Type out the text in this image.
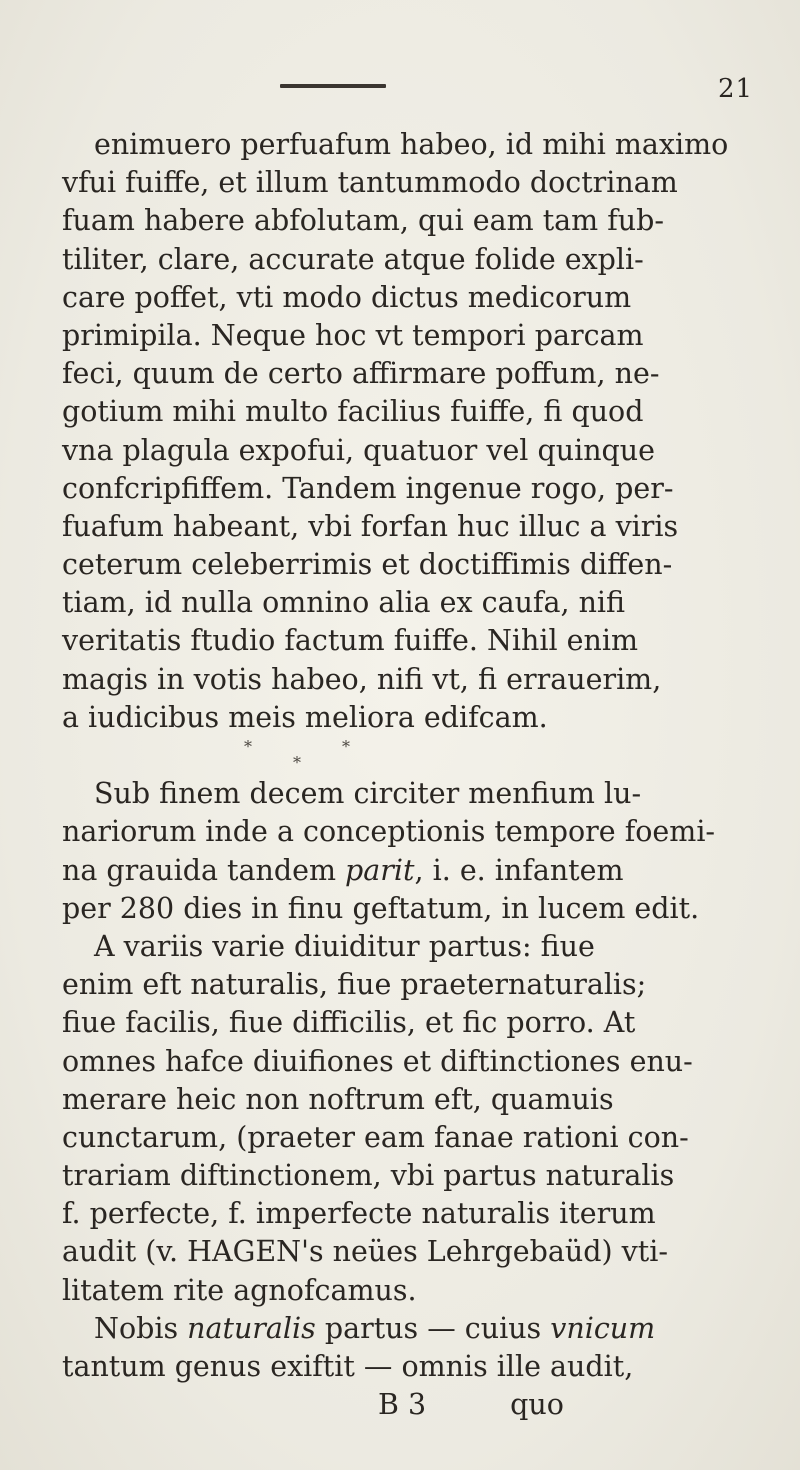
21
enimuero perfuafum habeo, id mihi maximo
vfui fuiffe, et illum tantummodo doctrinam
fuam habere abfolutam, qui eam tam fub-
tiliter, clare, accurate atque folide expli-
care poffet, vti modo dictus medicorum
primipila. Neque hoc vt tempori parcam
feci, quum de certo affirmare poffum, ne-
gotium mihi multo facilius fuiffe, fi quod
vna plagula expofui, quatuor vel quinque
confcripfiffem. Tandem ingenue rogo, per-
fuafum habeant, vbi forfan huc illuc a viris
ceterum celeberrimis et doctiffimis diffen-
tiam, id nulla omnino alia ex caufa, nifi
veritatis ftudio factum fuiffe. Nihil enim
magis in votis habeo, nifi vt, fi errauerim,
a iudicibus meis meliora edifcam.
*	*
*
Sub finem decem circiter menfium lu-
nariorum inde a conceptionis tempore foemi-
na grauida tandem parit, i. e. infantem
per 280 dies in finu geftatum, in lucem edit.
A variis varie diuiditur partus: fiue
enim eft naturalis, fiue praeternaturalis;
fiue facilis, fiue difficilis, et fic porro. At
omnes hafce diuifiones et diftinctiones enu-
merare heic non noftrum eft, quamuis
cunctarum, (praeter eam fanae rationi con-
trariam diftinctionem, vbi partus naturalis
f. perfecte, f. imperfecte naturalis iterum
audit (v. HAGEN's neües Lehrgebaüd) vti-
litatem rite agnofcamus.
Nobis naturalis partus — cuius vnicum
tantum genus exiftit — omnis ille audit,
B 3	quo
